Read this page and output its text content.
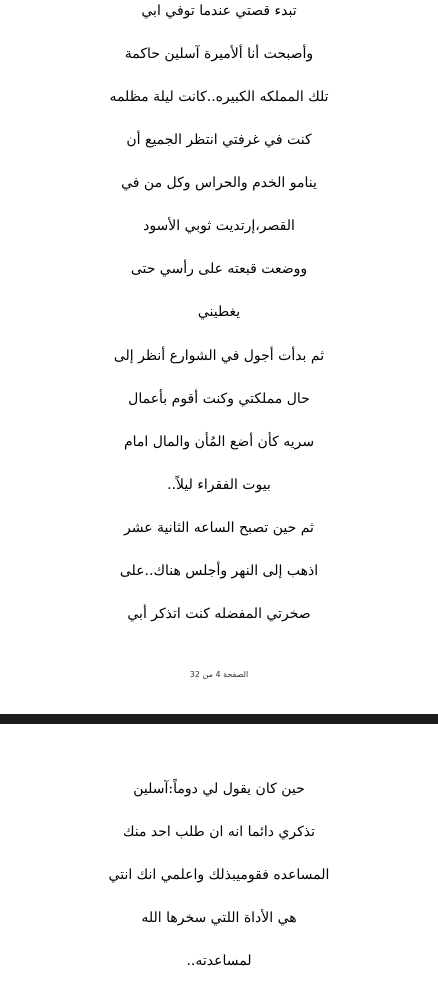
تبدء قصتي عندما توفي ابي
وأصبحت أنا ألأميرة آسلين حاكمة
تلك المملكه الكبيره..كانت ليلة مظلمه
كنت في غرفتي انتظر الجميع أن
ينامو الخدم والحراس وكل من في
القصر،إرتديت ثوبي الأسود
ووضعت قبعته على رأسي حتى
يغطيني
ثم بدأت أجول في الشوارع أنظر إلى
حال مملكتي وكنت أقوم بأعمال
سريه كأن أضع المُأن والمال امام
بيوت الفقراء ليلاً..
ثم حين تصبح الساعه الثانية عشر
اذهب إلى النهر وأجلس هناك..على
صخرتي المفضله كنت اتذكر أبي
الصفحة 4 من 32
حين كان يقول لي دوماً:آسلين
تذكري دائما انه ان طلب احد منك
المساعده فقوميبذلك واعلمي انك انتي
هي الأداة اللتي سخرها الله
لمساعدته..
